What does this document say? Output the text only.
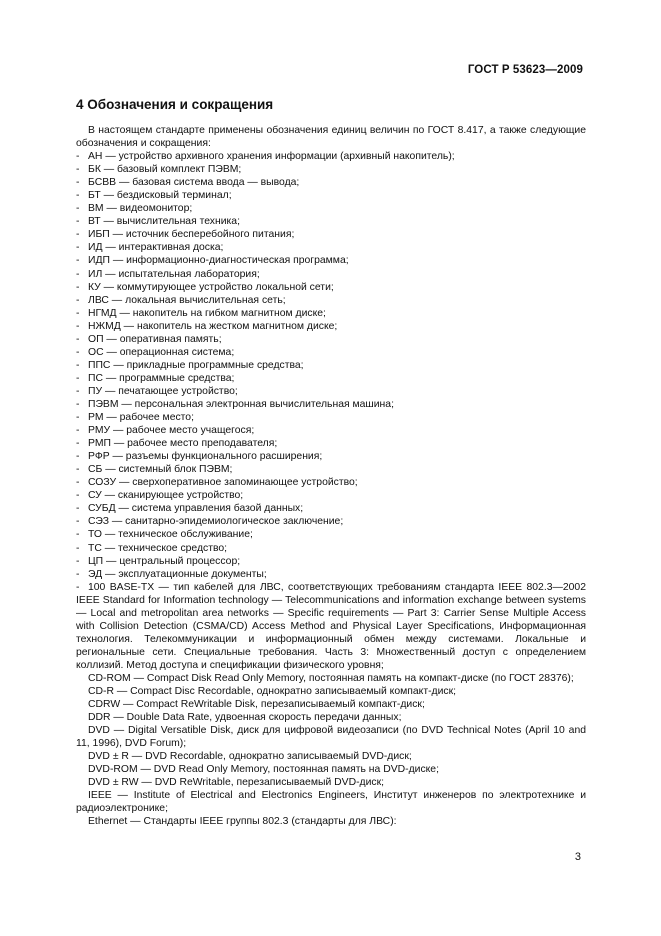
ГОСТ Р 53623—2009
4 Обозначения и сокращения
В настоящем стандарте применены обозначения единиц величин по ГОСТ 8.417, а также следующие обозначения и сокращения:
- АН — устройство архивного хранения информации (архивный накопитель);
- БК — базовый комплект ПЭВМ;
- БСВВ — базовая система ввода — вывода;
- БТ — бездисковый терминал;
- ВМ — видеомонитор;
- ВТ — вычислительная техника;
- ИБП — источник бесперебойного питания;
- ИД — интерактивная доска;
- ИДП — информационно-диагностическая программа;
- ИЛ — испытательная лаборатория;
- КУ — коммутирующее устройство локальной сети;
- ЛВС — локальная вычислительная сеть;
- НГМД — накопитель на гибком магнитном диске;
- НЖМД — накопитель на жестком магнитном диске;
- ОП — оперативная память;
- ОС — операционная система;
- ППС — прикладные программные средства;
- ПС — программные средства;
- ПУ — печатающее устройство;
- ПЭВМ — персональная электронная вычислительная машина;
- РМ — рабочее место;
- РМУ — рабочее место учащегося;
- РМП — рабочее место преподавателя;
- РФР — разъемы функционального расширения;
- СБ — системный блок ПЭВМ;
- СОЗУ — сверхоперативное запоминающее устройство;
- СУ — сканирующее устройство;
- СУБД — система управления базой данных;
- СЭЗ — санитарно-эпидемиологическое заключение;
- ТО — техническое обслуживание;
- ТС — техническое средство;
- ЦП — центральный процессор;
- ЭД — эксплуатационные документы;
- 100 BASE-TX — тип кабелей для ЛВС, соответствующих требованиям стандарта IEEE 802.3—2002 IEEE Standard for Information technology — Telecommunications and information exchange between systems — Local and metropolitan area networks — Specific requirements — Part 3: Carrier Sense Multiple Access with Collision Detection (CSMA/CD) Access Method and Physical Layer Specifications, Информационная технология. Телекоммуникации и информационный обмен между системами. Локальные и региональные сети. Специальные требования. Часть 3: Множественный доступ с определением коллизий. Метод доступа и спецификации физического уровня;

CD-ROM — Compact Disk Read Only Memory, постоянная память на компакт-диске (по ГОСТ 28376);

CD-R — Compact Disc Recordable, однократно записываемый компакт-диск;

CDRW — Compact ReWritable Disk, перезаписываемый компакт-диск;

DDR — Double Data Rate, удвоенная скорость передачи данных;

DVD — Digital Versatible Disk, диск для цифровой видеозаписи (по DVD Technical Notes (April 10 and 11, 1996), DVD Forum);

DVD ± R — DVD Recordable, однократно записываемый DVD-диск;

DVD-ROM — DVD Read Only Memory, постоянная память на DVD-диске;

DVD ± RW — DVD ReWritable, перезаписываемый DVD-диск;

IEEE — Institute of Electrical and Electronics Engineers, Институт инженеров по электротехнике и радиоэлектронике;

Ethernet — Стандарты IEEE группы 802.3 (стандарты для ЛВС):

3
